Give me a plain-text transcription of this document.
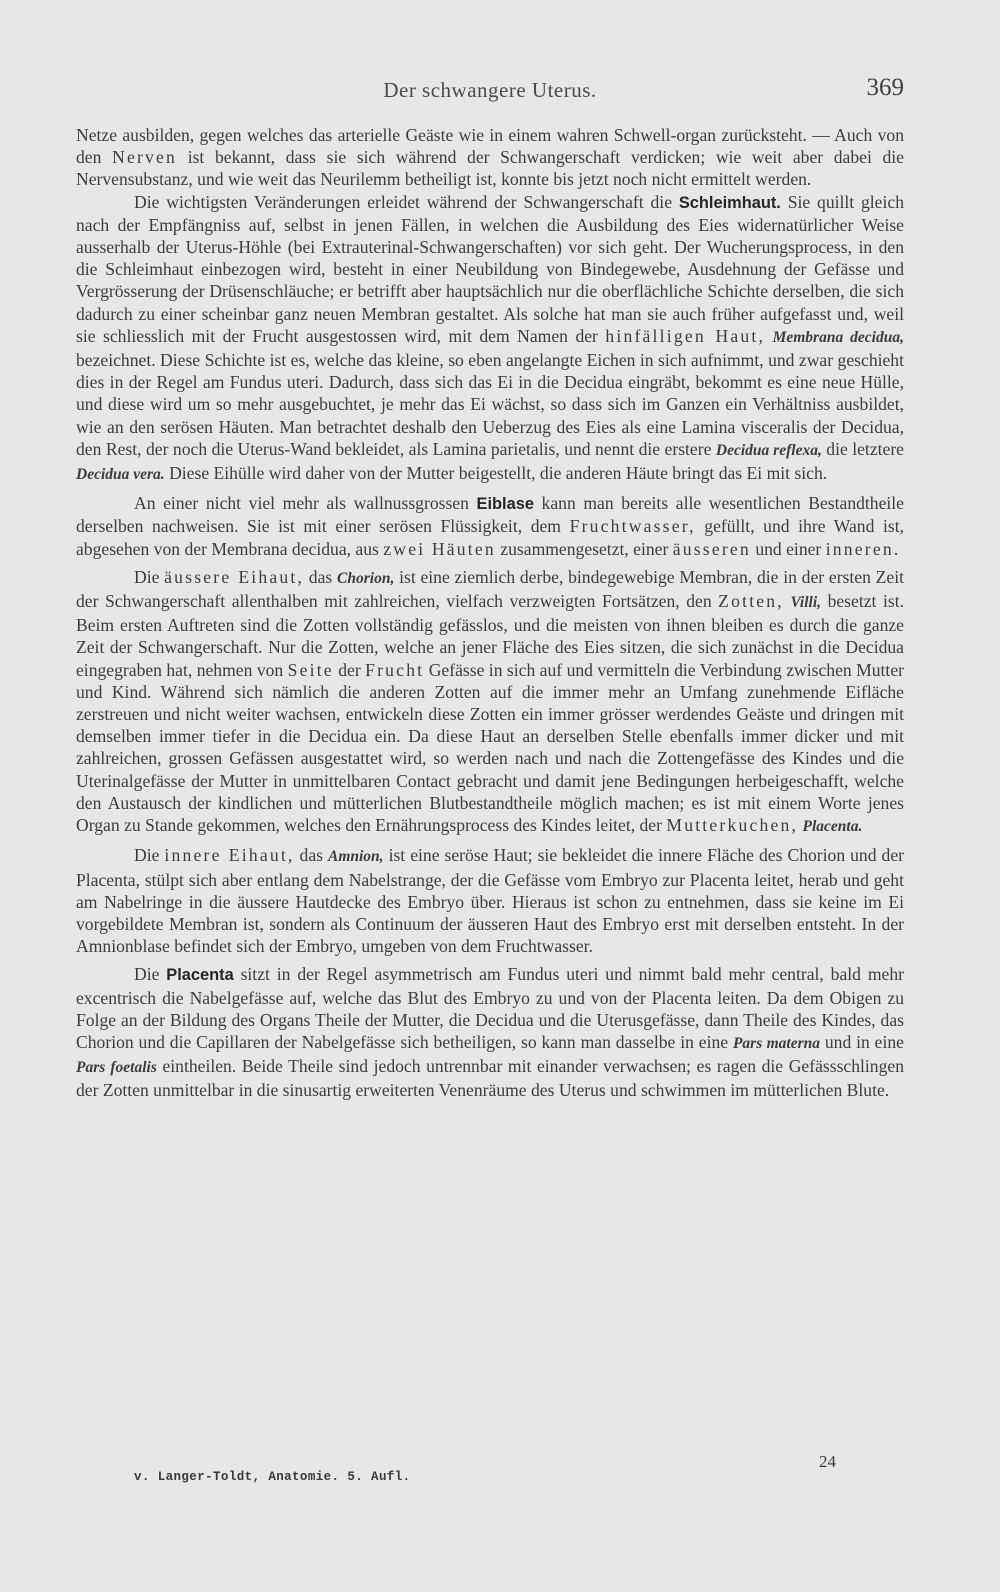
Der schwangere Uterus.	369

Netze ausbilden, gegen welches das arterielle Geäste wie in einem wahren Schwell-organ zurücksteht. — Auch von den Nerven ist bekannt, dass sie sich während der Schwangerschaft verdicken; wie weit aber dabei die Nervensubstanz, und wie weit das Neurilemm betheiligt ist, konnte bis jetzt noch nicht ermittelt werden.

Die wichtigsten Veränderungen erleidet während der Schwangerschaft die Schleimhaut. Sie quillt gleich nach der Empfängniss auf, selbst in jenen Fällen, in welchen die Ausbildung des Eies widernatürlicher Weise ausserhalb der Uterus-Höhle (bei Extrauterinal-Schwangerschaften) vor sich geht. Der Wucherungsprocess, in den die Schleimhaut einbezogen wird, besteht in einer Neubildung von Bindegewebe, Ausdehnung der Gefässe und Vergrösserung der Drüsenschläuche; er betrifft aber hauptsächlich nur die oberflächliche Schichte derselben, die sich dadurch zu einer scheinbar ganz neuen Membran gestaltet. Als solche hat man sie auch früher aufgefasst und, weil sie schliesslich mit der Frucht ausgestossen wird, mit dem Namen der hinfälligen Haut, Membrana decidua, bezeichnet. Diese Schichte ist es, welche das kleine, so eben angelangte Eichen in sich aufnimmt, und zwar geschieht dies in der Regel am Fundus uteri. Dadurch, dass sich das Ei in die Decidua eingräbt, bekommt es eine neue Hülle, und diese wird um so mehr ausgebuchtet, je mehr das Ei wächst, so dass sich im Ganzen ein Verhältniss ausbildet, wie an den serösen Häuten. Man betrachtet deshalb den Ueberzug des Eies als eine Lamina visceralis der Decidua, den Rest, der noch die Uterus-Wand bekleidet, als Lamina parietalis, und nennt die erstere Decidua reflexa, die letztere Decidua vera. Diese Eihülle wird daher von der Mutter beigestellt, die anderen Häute bringt das Ei mit sich.

An einer nicht viel mehr als wallnussgrossen Eiblase kann man bereits alle wesentlichen Bestandtheile derselben nachweisen. Sie ist mit einer serösen Flüssigkeit, dem Fruchtwasser, gefüllt, und ihre Wand ist, abgesehen von der Membrana decidua, aus zwei Häuten zusammengesetzt, einer äusseren und einer inneren.

Die äussere Eihaut, das Chorion, ist eine ziemlich derbe, bindegewebige Membran, die in der ersten Zeit der Schwangerschaft allenthalben mit zahlreichen, vielfach verzweigten Fortsätzen, den Zotten, Villi, besetzt ist. Beim ersten Auftreten sind die Zotten vollständig gefässlos, und die meisten von ihnen bleiben es durch die ganze Zeit der Schwangerschaft. Nur die Zotten, welche an jener Fläche des Eies sitzen, die sich zunächst in die Decidua eingegraben hat, nehmen von Seite der Frucht Gefässe in sich auf und vermitteln die Verbindung zwischen Mutter und Kind. Während sich nämlich die anderen Zotten auf die immer mehr an Umfang zunehmende Eifläche zerstreuen und nicht weiter wachsen, entwickeln diese Zotten ein immer grösser werdendes Geäste und dringen mit demselben immer tiefer in die Decidua ein. Da diese Haut an derselben Stelle ebenfalls immer dicker und mit zahlreichen, grossen Gefässen ausgestattet wird, so werden nach und nach die Zottengefässe des Kindes und die Uterinalgefässe der Mutter in unmittelbaren Contact gebracht und damit jene Bedingungen herbeigeschafft, welche den Austausch der kindlichen und mütterlichen Blutbestandtheile möglich machen; es ist mit einem Worte jenes Organ zu Stande gekommen, welches den Ernährungsprocess des Kindes leitet, der Mutterkuchen, Placenta.

Die innere Eihaut, das Amnion, ist eine seröse Haut; sie bekleidet die innere Fläche des Chorion und der Placenta, stülpt sich aber entlang dem Nabelstrange, der die Gefässe vom Embryo zur Placenta leitet, herab und geht am Nabelringe in die äussere Hautdecke des Embryo über. Hieraus ist schon zu entnehmen, dass sie keine im Ei vorgebildete Membran ist, sondern als Continuum der äusseren Haut des Embryo erst mit derselben entsteht. In der Amnionblase befindet sich der Embryo, umgeben von dem Fruchtwasser.

Die Placenta sitzt in der Regel asymmetrisch am Fundus uteri und nimmt bald mehr central, bald mehr excentrisch die Nabelgefässe auf, welche das Blut des Embryo zu und von der Placenta leiten. Da dem Obigen zu Folge an der Bildung des Organs Theile der Mutter, die Decidua und die Uterusgefässe, dann Theile des Kindes, das Chorion und die Capillaren der Nabelgefässe sich betheiligen, so kann man dasselbe in eine Pars materna und in eine Pars foetalis eintheilen. Beide Theile sind jedoch untrennbar mit einander verwachsen; es ragen die Gefässschlingen der Zotten unmittelbar in die sinusartig erweiterten Venenräume des Uterus und schwimmen im mütterlichen Blute.

24
v. Langer-Toldt, Anatomie. 5. Aufl.
